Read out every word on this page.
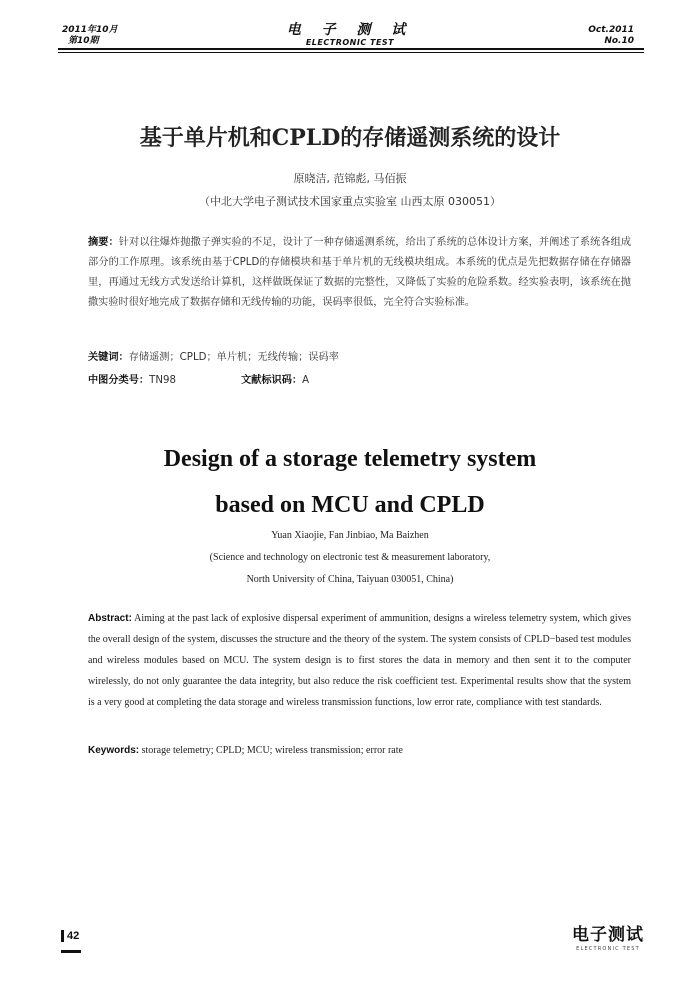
2011年10月
第10期
电 子 测 试
ELECTRONIC TEST
Oct.2011
No.10
基于单片机和CPLD的存储遥测系统的设计
原晓洁, 范锦彪, 马佰振
（中北大学电子测试技术国家重点实验室 山西太原 030051）
摘要：针对以往爆炸抛撒子弹实验的不足，设计了一种存储遥测系统，给出了系统的总体设计方案，并阐述了系统各组成部分的工作原理。该系统由基于CPLD的存储模块和基于单片机的无线模块组成。本系统的优点是先把数据存储在存储器里，再通过无线方式发送给计算机，这样做既保证了数据的完整性，又降低了实验的危险系数。经实验表明，该系统在抛撒实验时很好地完成了数据存储和无线传输的功能，误码率很低，完全符合实验标准。
关键词：存储遥测；CPLD；单片机；无线传输；误码率
中图分类号：TN98	文献标识码：A
Design of a storage telemetry system
based on MCU and CPLD
Yuan Xiaojie, Fan Jinbiao, Ma Baizhen
(Science and technology on electronic test & measurement laboratory,
North University of China, Taiyuan 030051, China)
Abstract: Aiming at the past lack of explosive dispersal experiment of ammunition, designs a wireless telemetry system, which gives the overall design of the system, discusses the structure and the theory of the system. The system consists of CPLD−based test modules and wireless modules based on MCU. The system design is to first stores the data in memory and then sent it to the computer wirelessly, do not only guarantee the data integrity, but also reduce the risk coefficient test. Experimental results show that the system is a very good at completing the data storage and wireless transmission functions, low error rate, compliance with test standards.
Keywords: storage telemetry; CPLD; MCU; wireless transmission; error rate
42	电子测试
ELECTRONIC TEST
